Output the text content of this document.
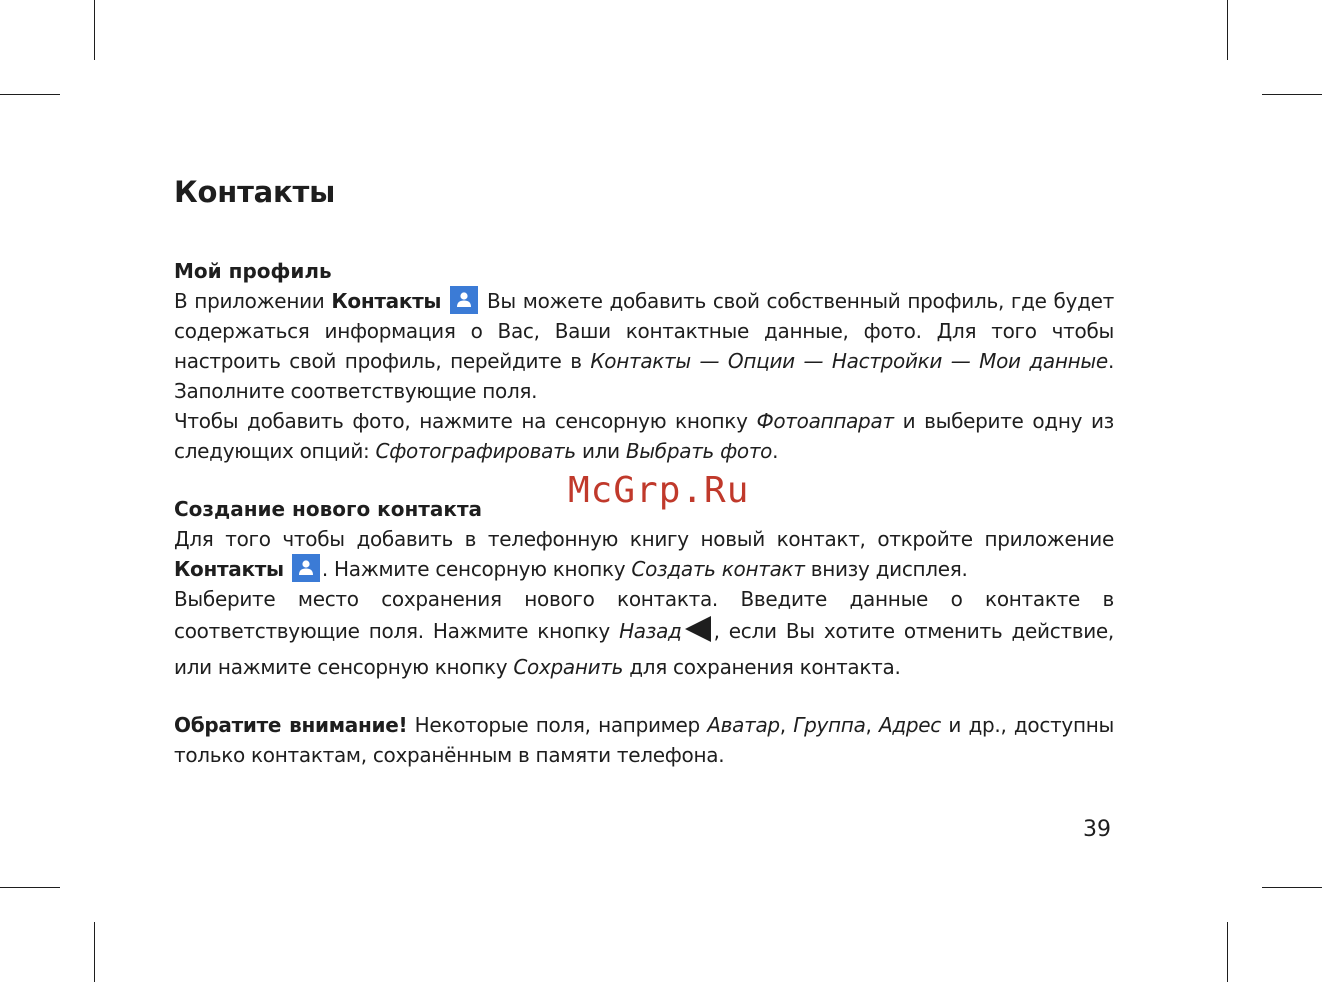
Контакты
Мой профиль

В приложении Контакты
Вы можете добавить свой собственный профиль, где будет содержаться информация о Вас, Ваши контактные данные, фото. Для того чтобы настроить свой профиль, перейдите в Контакты — Опции — Настройки — Мои данные. Заполните соответствующие поля.

Чтобы добавить фото, нажмите на сенсорную кнопку Фотоаппарат и выберите одну из следующих опций: Сфотографировать или Выбрать фото.

Создание нового контакта

Для того чтобы добавить в телефонную книгу новый контакт, откройте приложение Контакты . Нажмите сенсорную кнопку Создать контакт внизу дисплея.

Выберите место сохранения нового контакта. Введите данные о контакте в соответствующие поля. Нажмите кнопку Назад , если Вы хотите отменить действие, или нажмите сенсорную кнопку Сохранить для сохранения контакта.

Обратите внимание! Некоторые поля, например Аватар, Группа, Адрес и др., доступны только контактам, сохранённым в памяти телефона.

McGrp.Ru
39
